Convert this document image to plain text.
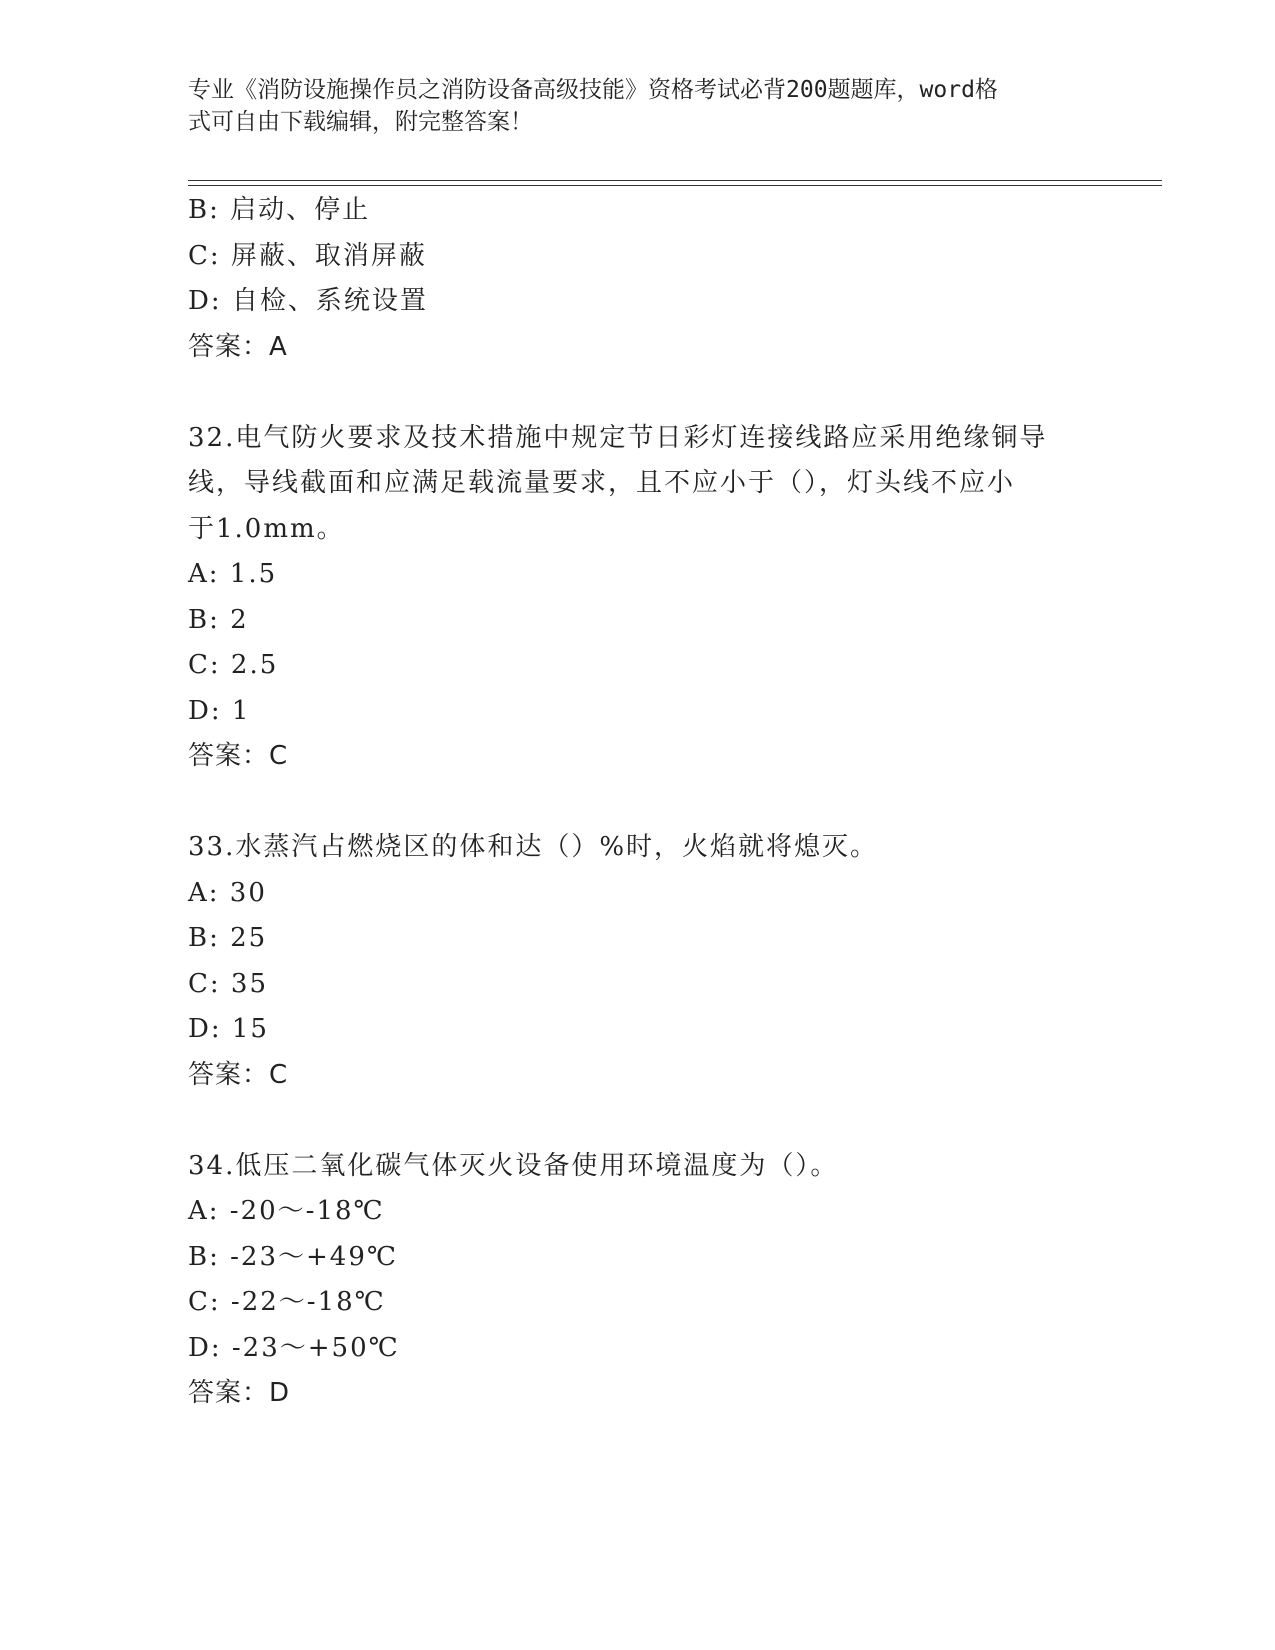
专业《消防设施操作员之消防设备高级技能》资格考试必背200题题库，word格
式可自由下载编辑，附完整答案！
B: 启动、停止
C: 屏蔽、取消屏蔽
D: 自检、系统设置
答案：A
32.电气防火要求及技术措施中规定节日彩灯连接线路应采用绝缘铜导
线，导线截面和应满足载流量要求，且不应小于（），灯头线不应小
于1.0mm。
A: 1.5
B: 2
C: 2.5
D: 1
答案：C
33.水蒸汽占燃烧区的体和达（）%时，火焰就将熄灭。
A: 30
B: 25
C: 35
D: 15
答案：C
34.低压二氧化碳气体灭火设备使用环境温度为（）。
A: -20～-18℃
B: -23～+49℃
C: -22～-18℃
D: -23～+50℃
答案：D
